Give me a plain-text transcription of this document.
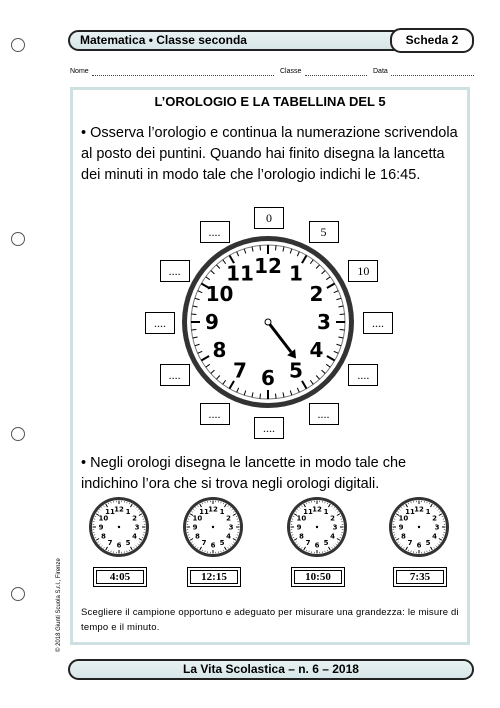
Matematica • Classe seconda	Scheda 2
Nome	Classe	Data
L’OROLOGIO E LA TABELLINA DEL 5
• Osserva l’orologio e continua la numerazione scrivendola al posto dei puntini. Quando hai finito disegna la lancetta dei minuti in modo tale che l’orologio indichi le 16:45.
12 1
2
3
4
5
6
7
8
9
10
11
0
5
10
....
....
....
....
....
....
....
....
....
• Negli orologi disegna le lancette in modo tale che indichino l’ora che si trova negli orologi digitali.
12 1
2
3
4
5
6
7
8
9
10
11
4:05
12 1
2
3
4
5
6
7
8
9
10
11
12:15
12 1
2
3
4
5
6
7
8
9
10
11
10:50
12 1
2
3
4
5
6
7
8
9
10
11
7:35
Scegliere il campione opportuno e adeguato per misurare una grandezza: le misure di tempo e il minuto.
La Vita Scolastica – n. 6 – 2018
© 2018 Giunti Scuola S.r.l., Firenze
